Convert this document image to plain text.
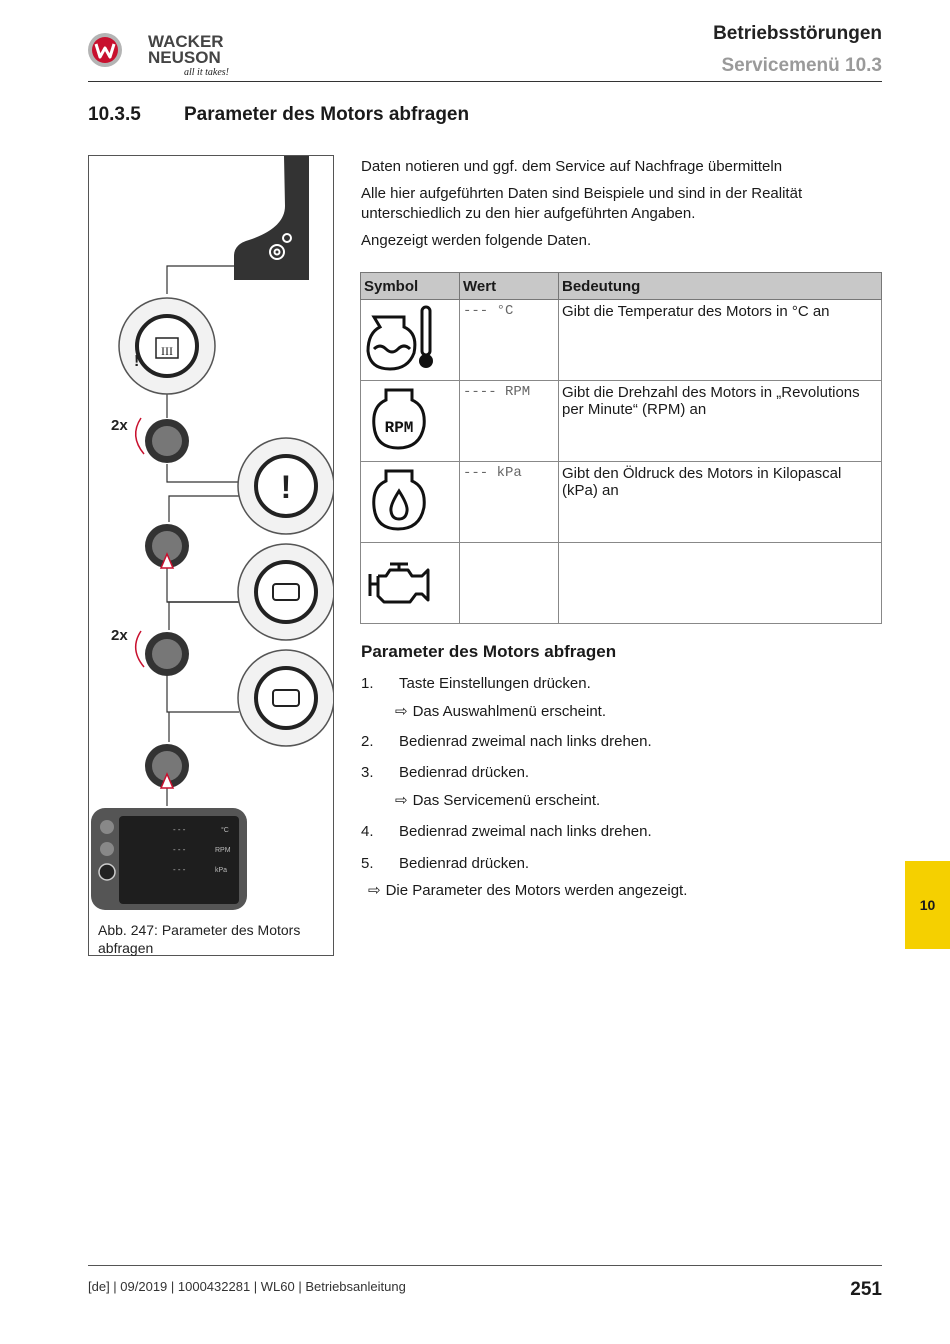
WACKER
NEUSON
all it takes!
Betriebsstörungen
Servicemenü 10.3
10.3.5 Parameter des Motors abfragen
III
!
2x
!
2x
- - -	°C
- - -	RPM
- - -	kPa
Abb. 247: Parameter des Motors abfragen
Daten notieren und ggf. dem Service auf Nachfrage übermitteln
Alle hier aufgeführten Daten sind Beispiele und sind in der Realität unterschiedlich zu den hier aufgeführten Angaben.
Angezeigt werden folgende Daten.
Symbol	Wert	Bedeutung
	--- °C	Gibt die Temperatur des Motors in °C an

RPM	---- RPM	Gibt die Drehzahl des Motors in „Revolutions per Minute“ (RPM) an
	--- kPa	Gibt den Öldruck des Motors in Kilopascal (kPa) an

Parameter des Motors abfragen
1. Taste Einstellungen drücken.
⇨ Das Auswahlmenü erscheint.
2. Bedienrad zweimal nach links drehen.
3. Bedienrad drücken.
⇨ Das Servicemenü erscheint.
4. Bedienrad zweimal nach links drehen.
5. Bedienrad drücken.
⇨ Die Parameter des Motors werden angezeigt.
10
[de] | 09/2019 | 1000432281 | WL60 | Betriebsanleitung	251
